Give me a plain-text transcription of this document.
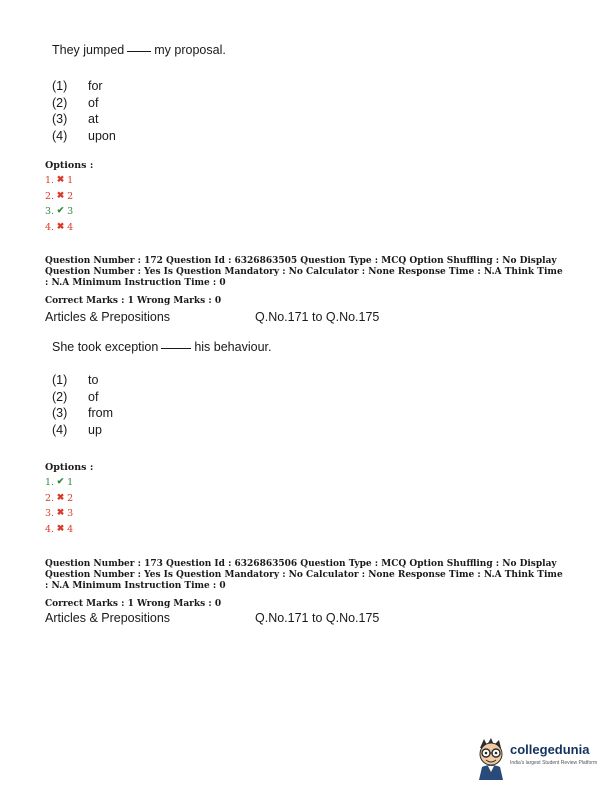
They jumped my proposal.
(1)	for
(2)	of
(3)	at
(4)	upon
Options :
1. ✖ 1
2. ✖ 2
3. ✔ 3
4. ✖ 4
Question Number : 172 Question Id : 6326863505 Question Type : MCQ Option Shuffling : No Display Question Number : Yes Is Question Mandatory : No Calculator : None Response Time : N.A Think Time : N.A Minimum Instruction Time : 0
Correct Marks : 1 Wrong Marks : 0
Articles & Prepositions	Q.No.171 to Q.No.175
She took exception	his behaviour.
(1)	to
(2)	of
(3)	from
(4)	up
Options :
1. ✔ 1
2. ✖ 2
3. ✖ 3
4. ✖ 4
Question Number : 173 Question Id : 6326863506 Question Type : MCQ Option Shuffling : No Display Question Number : Yes Is Question Mandatory : No Calculator : None Response Time : N.A Think Time : N.A Minimum Instruction Time : 0
Correct Marks : 1 Wrong Marks : 0
Articles & Prepositions	Q.No.171 to Q.No.175
collegedunia
India's largest Student Review Platform
